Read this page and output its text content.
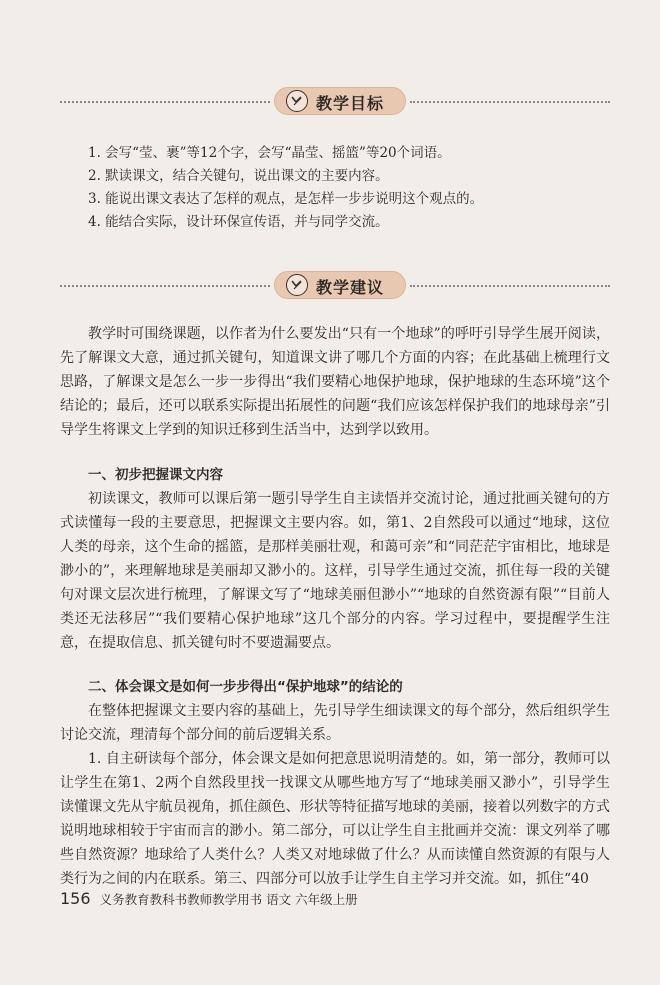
教学目标
1. 会写“莹、裹”等12个字，会写“晶莹、摇篮”等20个词语。
2. 默读课文，结合关键句，说出课文的主要内容。
3. 能说出课文表达了怎样的观点，是怎样一步步说明这个观点的。
4. 能结合实际，设计环保宣传语，并与同学交流。
教学建议

教学时可围绕课题，以作者为什么要发出“只有一个地球”的呼吁引导学生展开阅读，先了解课文大意，通过抓关键句，知道课文讲了哪几个方面的内容；在此基础上梳理行文思路，了解课文是怎么一步一步得出“我们要精心地保护地球，保护地球的生态环境”这个结论的；最后，还可以联系实际提出拓展性的问题“我们应该怎样保护我们的地球母亲”引导学生将课文上学到的知识迁移到生活当中，达到学以致用。

一、初步把握课文内容

初读课文，教师可以课后第一题引导学生自主读悟并交流讨论，通过批画关键句的方式读懂每一段的主要意思，把握课文主要内容。如，第1、2自然段可以通过“地球，这位人类的母亲，这个生命的摇篮，是那样美丽壮观，和蔼可亲”和“同茫茫宇宙相比，地球是渺小的”，来理解地球是美丽却又渺小的。这样，引导学生通过交流，抓住每一段的关键句对课文层次进行梳理，了解课文写了“地球美丽但渺小”“地球的自然资源有限”“目前人类还无法移居”“我们要精心保护地球”这几个部分的内容。学习过程中，要提醒学生注意，在提取信息、抓关键句时不要遗漏要点。

二、体会课文是如何一步步得出“保护地球”的结论的

在整体把握课文主要内容的基础上，先引导学生细读课文的每个部分，然后组织学生讨论交流，理清每个部分间的前后逻辑关系。

1. 自主研读每个部分，体会课文是如何把意思说明清楚的。如，第一部分，教师可以让学生在第1、2两个自然段里找一找课文从哪些地方写了“地球美丽又渺小”，引导学生读懂课文先从宇航员视角，抓住颜色、形状等特征描写地球的美丽，接着以列数字的方式说明地球相较于宇宙而言的渺小。第二部分，可以让学生自主批画并交流：课文列举了哪些自然资源？地球给了人类什么？人类又对地球做了什么？从而读懂自然资源的有限与人类行为之间的内在联系。第三、四部分可以放手让学生自主学习并交流。如，抓住“40

156 义务教育教科书教师教学用书 语文 六年级上册
